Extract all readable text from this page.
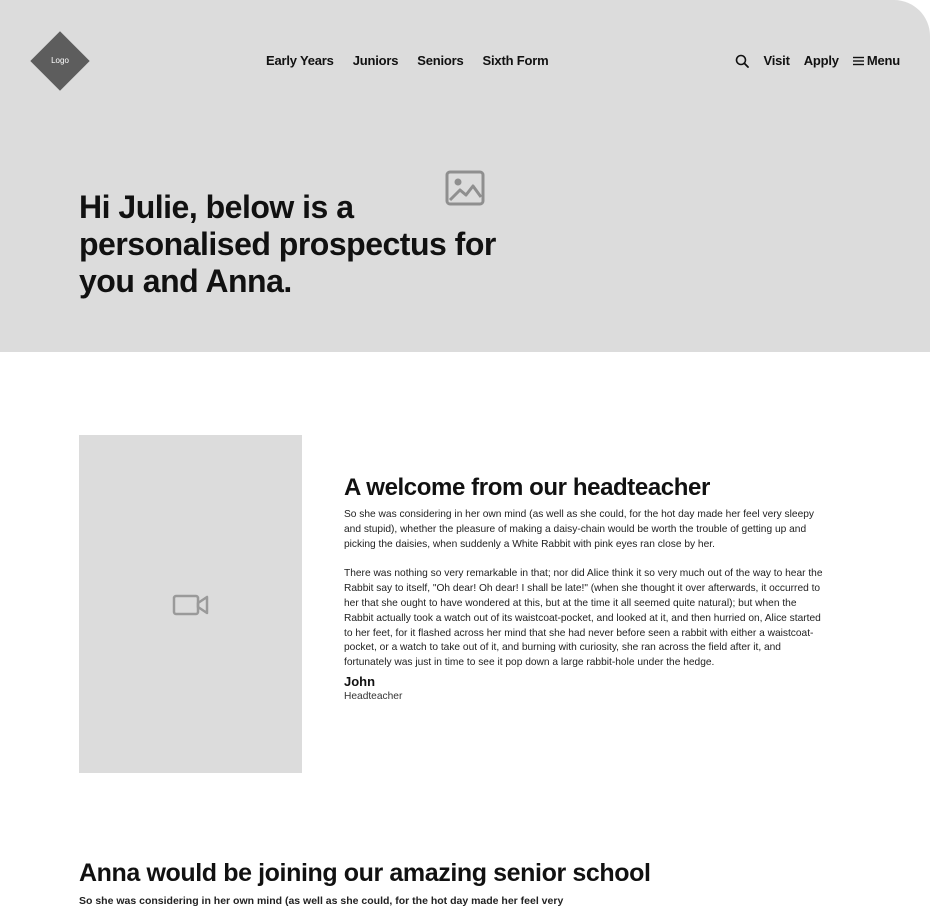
Logo	Early Years Juniors Seniors Sixth Form	Visit Apply Menu
Hi Julie, below is a personalised prospectus for you and Anna.
A welcome from our headteacher

So she was considering in her own mind (as well as she could, for the hot day made her feel very sleepy and stupid), whether the pleasure of making a daisy-chain would be worth the trouble of getting up and picking the daisies, when suddenly a White Rabbit with pink eyes ran close by her.

There was nothing so very remarkable in that; nor did Alice think it so very much out of the way to hear the Rabbit say to itself, "Oh dear! Oh dear! I shall be late!" (when she thought it over afterwards, it occurred to her that she ought to have wondered at this, but at the time it all seemed quite natural); but when the Rabbit actually took a watch out of its waistcoat-pocket, and looked at it, and then hurried on, Alice started to her feet, for it flashed across her mind that she had never before seen a rabbit with either a waistcoat-pocket, or a watch to take out of it, and burning with curiosity, she ran across the field after it, and fortunately was just in time to see it pop down a large rabbit-hole under the hedge.

John
Headteacher
Anna would be joining our amazing senior school

So she was considering in her own mind (as well as she could, for the hot day made her feel very
